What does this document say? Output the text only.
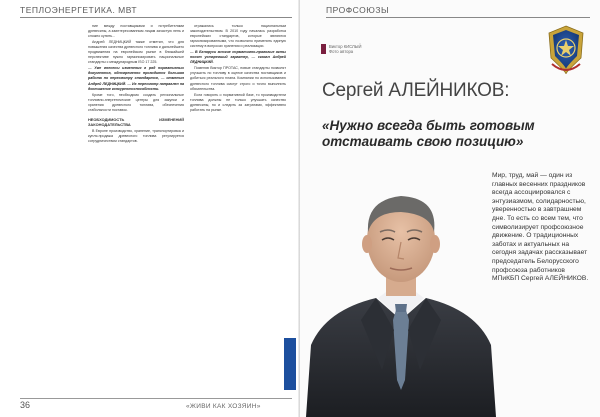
ТЕПЛОЭНЕРГЕТИКА. МВТ

ние между поставщиками и потребителями древесины, а заинтересованным лицам зачастую лень и сложно купить...

Андрей ЛЕДНИЦКИЙ также отметил, что для повышения качества древесного топлива и дальнейшего продвижения на европейском рынке в ближайшей перспективе нужно гармонизировать национальные стандарты с международным ISO 17 225.

— Уже внесены изменения в ряд нормативных документов, одновременно проводится большая работа по пересмотру стандартов, — отметил Андрей ЛЕДНИЦКИЙ. — Их пересмотр направлен на достижение конкурентоспособности.

Кроме того, необходимо создать региональные топливно-энергетические центры для закупки и хранения древесного топлива, обеспечения стабильности поставок.

НЕОБХОДИМОСТЬ ИЗМЕНЕНИЙ ЗАКОНОДАТЕЛЬСТВА

В Европе производство, хранение, транспортировка и купля-продажа древесного топлива регулируется сотрудничеством стандартов.

отражались только национальным законодательством. В 2010 году началась разработка европейских стандартов, которые являются гармонизированными, что позволило применить единую систему в вопросах хранения и реализации.

— В Беларуси многие нормативно-правовые акты носят устаревший характер, — сказал Андрей ЛЕДНИЦКИЙ.

Поменяв Виктор ПРОТАС, новые стандарты позволят улучшить по топливу в оценке качества поставщиков и добиться реального плана. Компании по использованию древесного топлива смогут строго и точно выполнить обязательства.

Если говорить о нормативной базе, то производители топлива должны не только улучшать качество древесины, но и следить за затратами, эффективно работать на рынке.

36	«ЖИВИ КАК ХОЗЯИН»
ПРОФСОЮЗЫ
Виктор КИСЛЫЙ
Фото автора
Сергей АЛЕЙНИКОВ:
«Нужно всегда быть готовым отстаивать свою позицию»
Мир, труд, май — один из главных весенних праздников всегда ассоциировался с энтузиазмом, солидарностью, уверенностью в завтрашнем дне. То есть со всем тем, что символизирует профсоюзное движение. О традиционных заботах и актуальных на сегодня задачах рассказывает председатель Белорусского профсоюза работников МПиКБП Сергей АЛЕЙНИКОВ.
